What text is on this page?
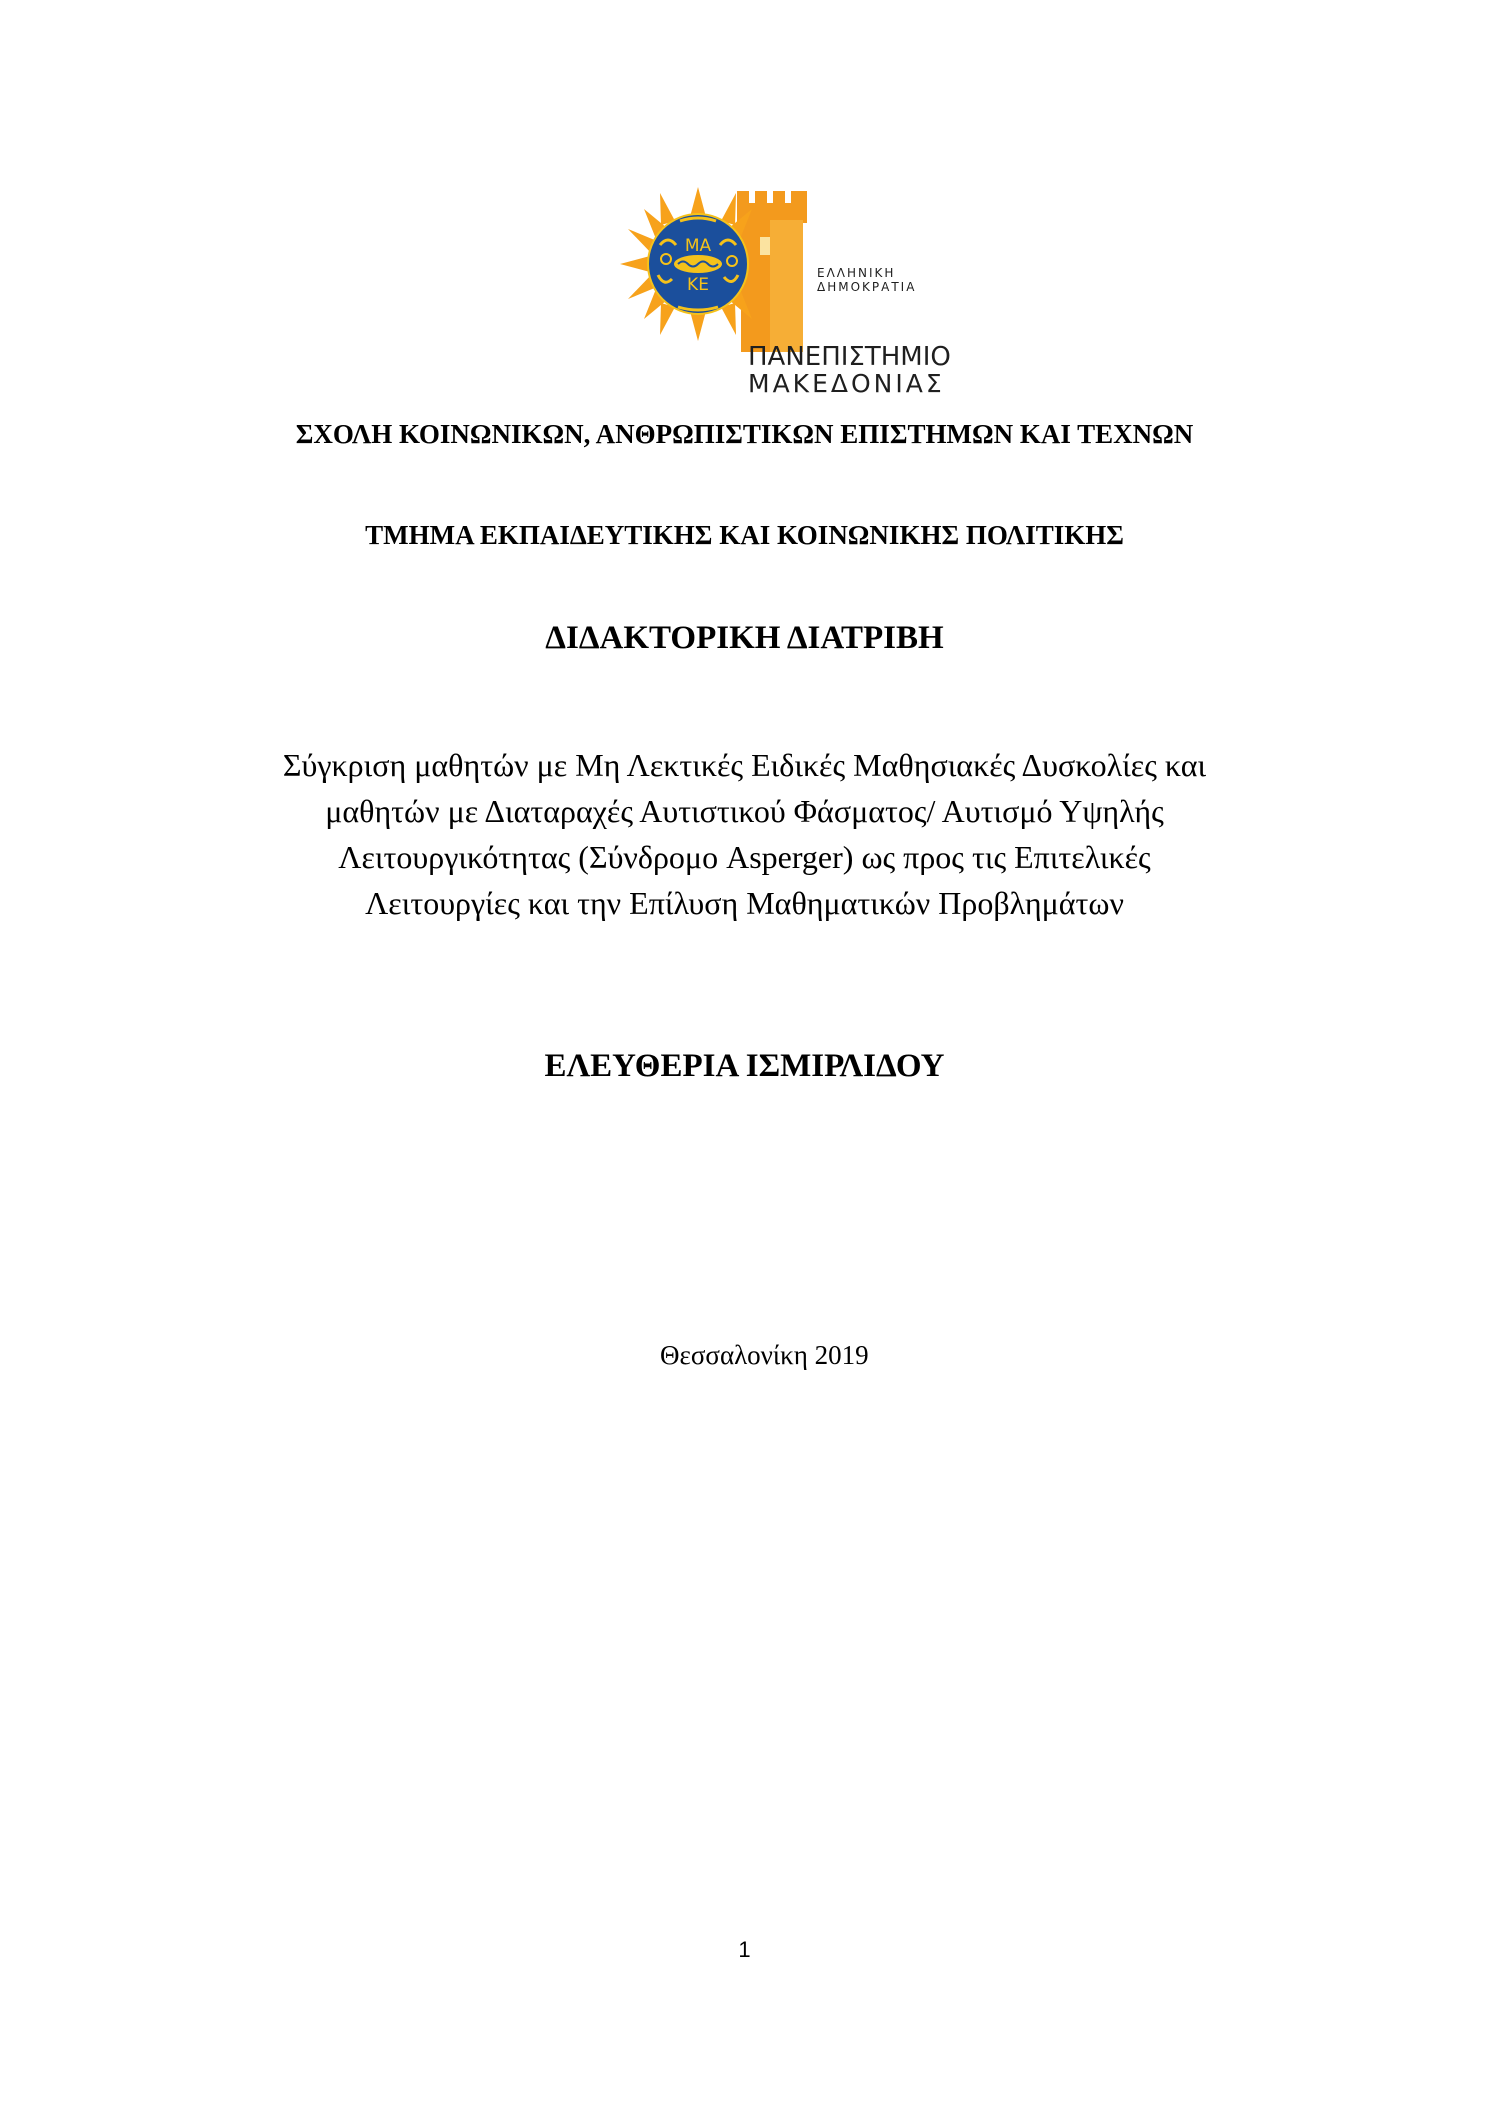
ΜΑ
ΚΕ
ΕΛΛΗΝΙΚΗ
ΔΗΜΟΚΡΑΤΙΑ
ΠΑΝΕΠΙΣΤΗΜΙΟ
ΜΑΚΕΔΟΝΙΑΣ
ΣΧΟΛΗ ΚΟΙΝΩΝΙΚΩΝ, ΑΝΘΡΩΠΙΣΤΙΚΩΝ ΕΠΙΣΤΗΜΩΝ ΚΑΙ ΤΕΧΝΩΝ
ΤΜΗΜΑ ΕΚΠΑΙΔΕΥΤΙΚΗΣ ΚΑΙ ΚΟΙΝΩΝΙΚΗΣ ΠΟΛΙΤΙΚΗΣ
ΔΙΔΑΚΤΟΡΙΚΗ ΔΙΑΤΡΙΒΗ
Σύγκριση μαθητών με Μη Λεκτικές Ειδικές Μαθησιακές Δυσκολίες και
μαθητών με Διαταραχές Αυτιστικού Φάσματος/ Αυτισμό Υψηλής
Λειτουργικότητας (Σύνδρομο Asperger) ως προς τις Επιτελικές
Λειτουργίες και την Επίλυση Μαθηματικών Προβλημάτων
ΕΛΕΥΘΕΡΙΑ ΙΣΜΙΡΛΙΔΟΥ
Θεσσαλονίκη 2019
1
